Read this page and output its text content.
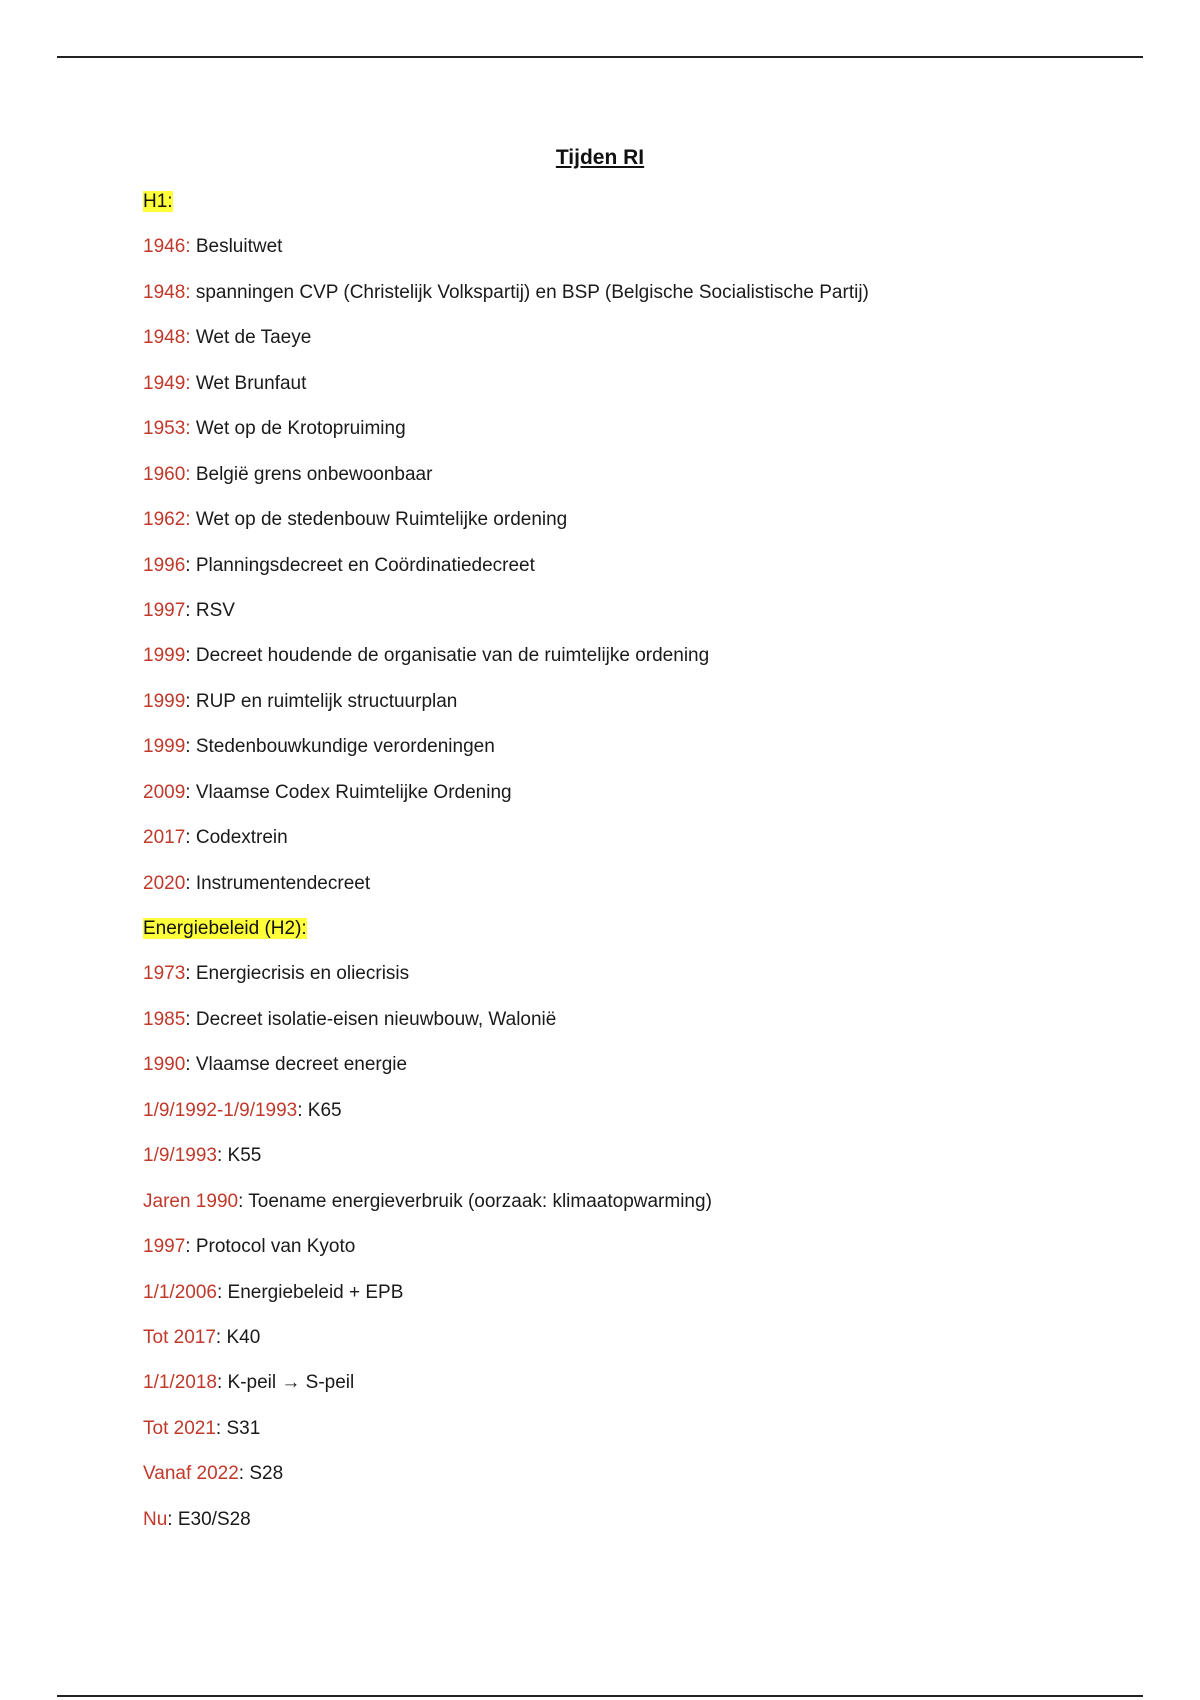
Tijden RI
H1:
1946: Besluitwet
1948: spanningen CVP (Christelijk Volkspartij) en BSP (Belgische Socialistische Partij)
1948: Wet de Taeye
1949: Wet Brunfaut
1953: Wet op de Krotopruiming
1960: België grens onbewoonbaar
1962: Wet op de stedenbouw Ruimtelijke ordening
1996: Planningsdecreet en Coördinatiedecreet
1997: RSV
1999: Decreet houdende de organisatie van de ruimtelijke ordening
1999: RUP en ruimtelijk structuurplan
1999: Stedenbouwkundige verordeningen
2009: Vlaamse Codex Ruimtelijke Ordening
2017: Codextrein
2020: Instrumentendecreet
Energiebeleid (H2):
1973: Energiecrisis en oliecrisis
1985: Decreet isolatie-eisen nieuwbouw, Walonië
1990: Vlaamse decreet energie
1/9/1992-1/9/1993: K65
1/9/1993: K55
Jaren 1990: Toename energieverbruik (oorzaak: klimaatopwarming)
1997: Protocol van Kyoto
1/1/2006: Energiebeleid + EPB
Tot 2017: K40
1/1/2018: K-peil → S-peil
Tot 2021: S31
Vanaf 2022: S28
Nu: E30/S28
